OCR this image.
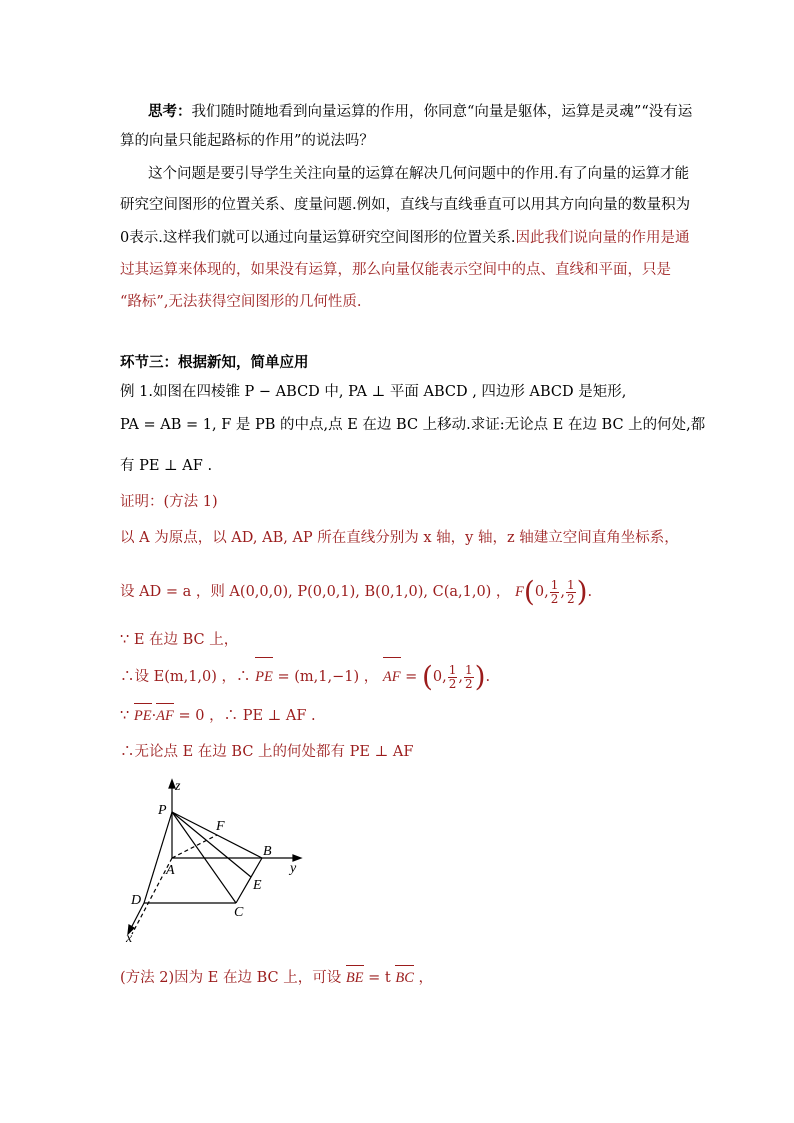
思考：我们随时随地看到向量运算的作用，你同意“向量是躯体，运算是灵魂”“没有运
算的向量只能起路标的作用”的说法吗？
这个问题是要引导学生关注向量的运算在解决几何问题中的作用.有了向量的运算才能
研究空间图形的位置关系、度量问题.例如，直线与直线垂直可以用其方向向量的数量积为
0表示.这样我们就可以通过向量运算研究空间图形的位置关系.因此我们说向量的作用是通
过其运算来体现的，如果没有运算，那么向量仅能表示空间中的点、直线和平面，只是
“路标”,无法获得空间图形的几何性质.
环节三：根据新知，简单应用
例 1.如图在四棱锥 P − ABCD 中, PA ⊥ 平面 ABCD , 四边形 ABCD 是矩形,
PA = AB = 1, F 是 PB 的中点,点 E 在边 BC 上移动.求证:无论点 E 在边 BC 上的何处,都
有 PE ⊥ AF .
证明：(方法 1)
以 A 为原点，以 AD, AB, AP 所在直线分别为 x 轴，y 轴，z 轴建立空间直角坐标系，
设 AD = a ，则 A(0,0,0), P(0,0,1), B(0,1,0), C(a,1,0) ， F(0, $\frac{1}{2}$ , $\frac{1}{2}$ ).
∵ E 在边 BC 上，
∴设 E(m,1,0) ，∴ PE = (m,1,−1) ， AF = (0, $\frac{1}{2}$ , $\frac{1}{2}$ ).
∵ PE·AF = 0 ，∴ PE ⊥ AF .
∴无论点 E 在边 BC 上的何处都有 PE ⊥ AF
z
P
F
B
y
A
E
D
C
x
(方法 2)因为 E 在边 BC 上，可设 BE = t BC ，
